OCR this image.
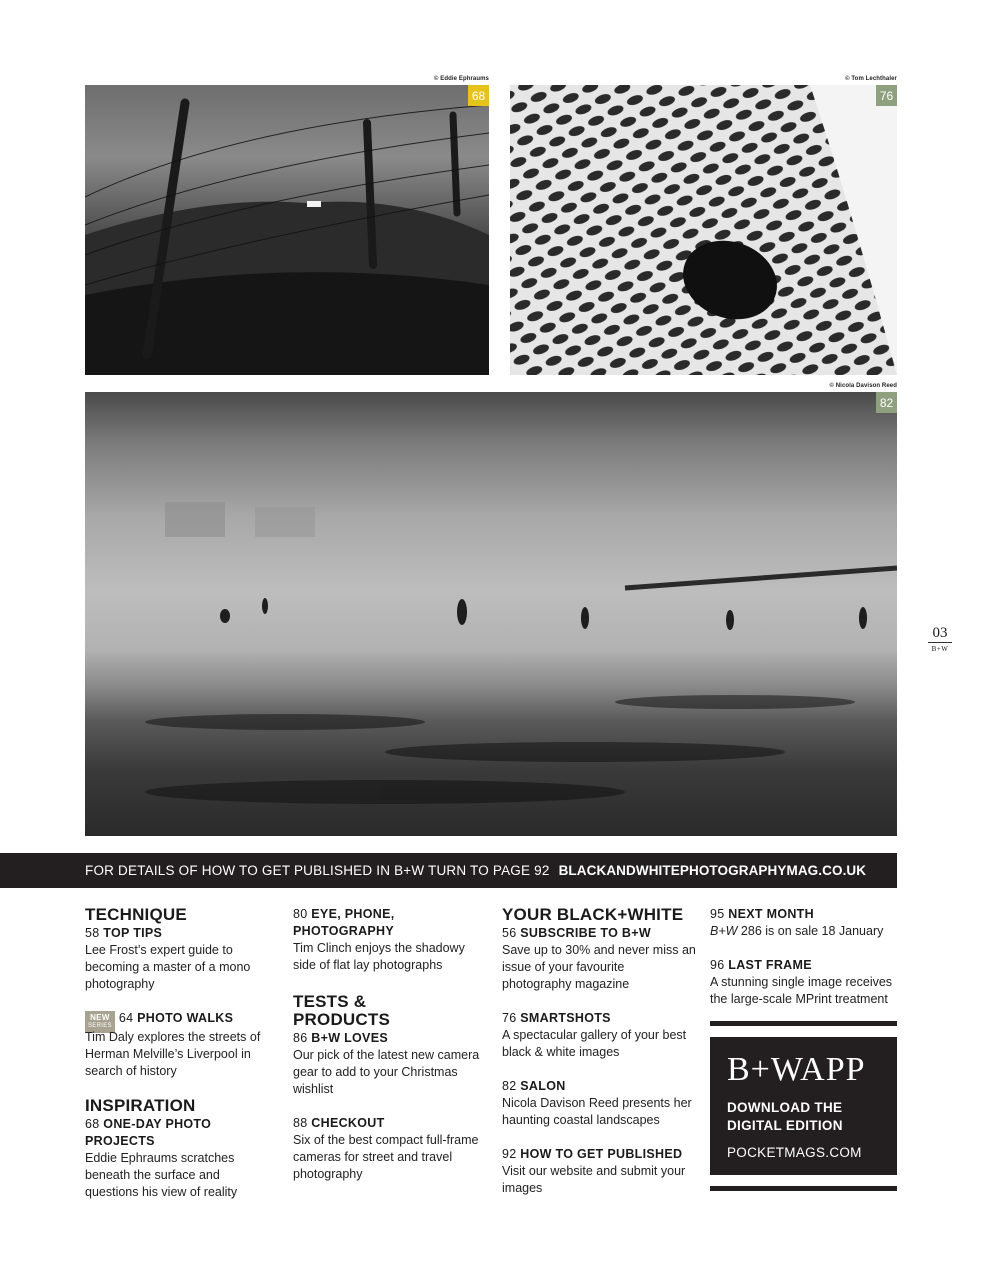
© Eddie Ephraums
68
© Tom Lechthaler
76
© Nicola Davison Reed
82
03
B+W
FOR DETAILS OF HOW TO GET PUBLISHED IN B+W TURN TO PAGE 92 BLACKANDWHITEPHOTOGRAPHYMAG.CO.UK
TECHNIQUE
58 TOP TIPS
Lee Frost’s expert guide to becoming a master of a mono photography
NEW
SERIES
64 PHOTO WALKS
Tim Daly explores the streets of Herman Melville’s Liverpool in search of history
INSPIRATION
68 ONE-DAY PHOTO PROJECTS
Eddie Ephraums scratches beneath the surface and questions his view of reality
80 EYE, PHONE, PHOTOGRAPHY
Tim Clinch enjoys the shadowy side of flat lay photographs
TESTS & PRODUCTS
86 B+W LOVES
Our pick of the latest new camera gear to add to your Christmas wishlist
88 CHECKOUT
Six of the best compact full-frame cameras for street and travel photography
YOUR BLACK+WHITE
56 SUBSCRIBE TO B+W
Save up to 30% and never miss an issue of your favourite photography magazine
76 SMARTSHOTS
A spectacular gallery of your best black & white images
82 SALON
Nicola Davison Reed presents her haunting coastal landscapes
92 HOW TO GET PUBLISHED
Visit our website and submit your images
95 NEXT MONTH
B+W 286 is on sale 18 January
96 LAST FRAME
A stunning single image receives the large-scale MPrint treatment
B+WAPP
DOWNLOAD THE DIGITAL EDITION
POCKETMAGS.COM
